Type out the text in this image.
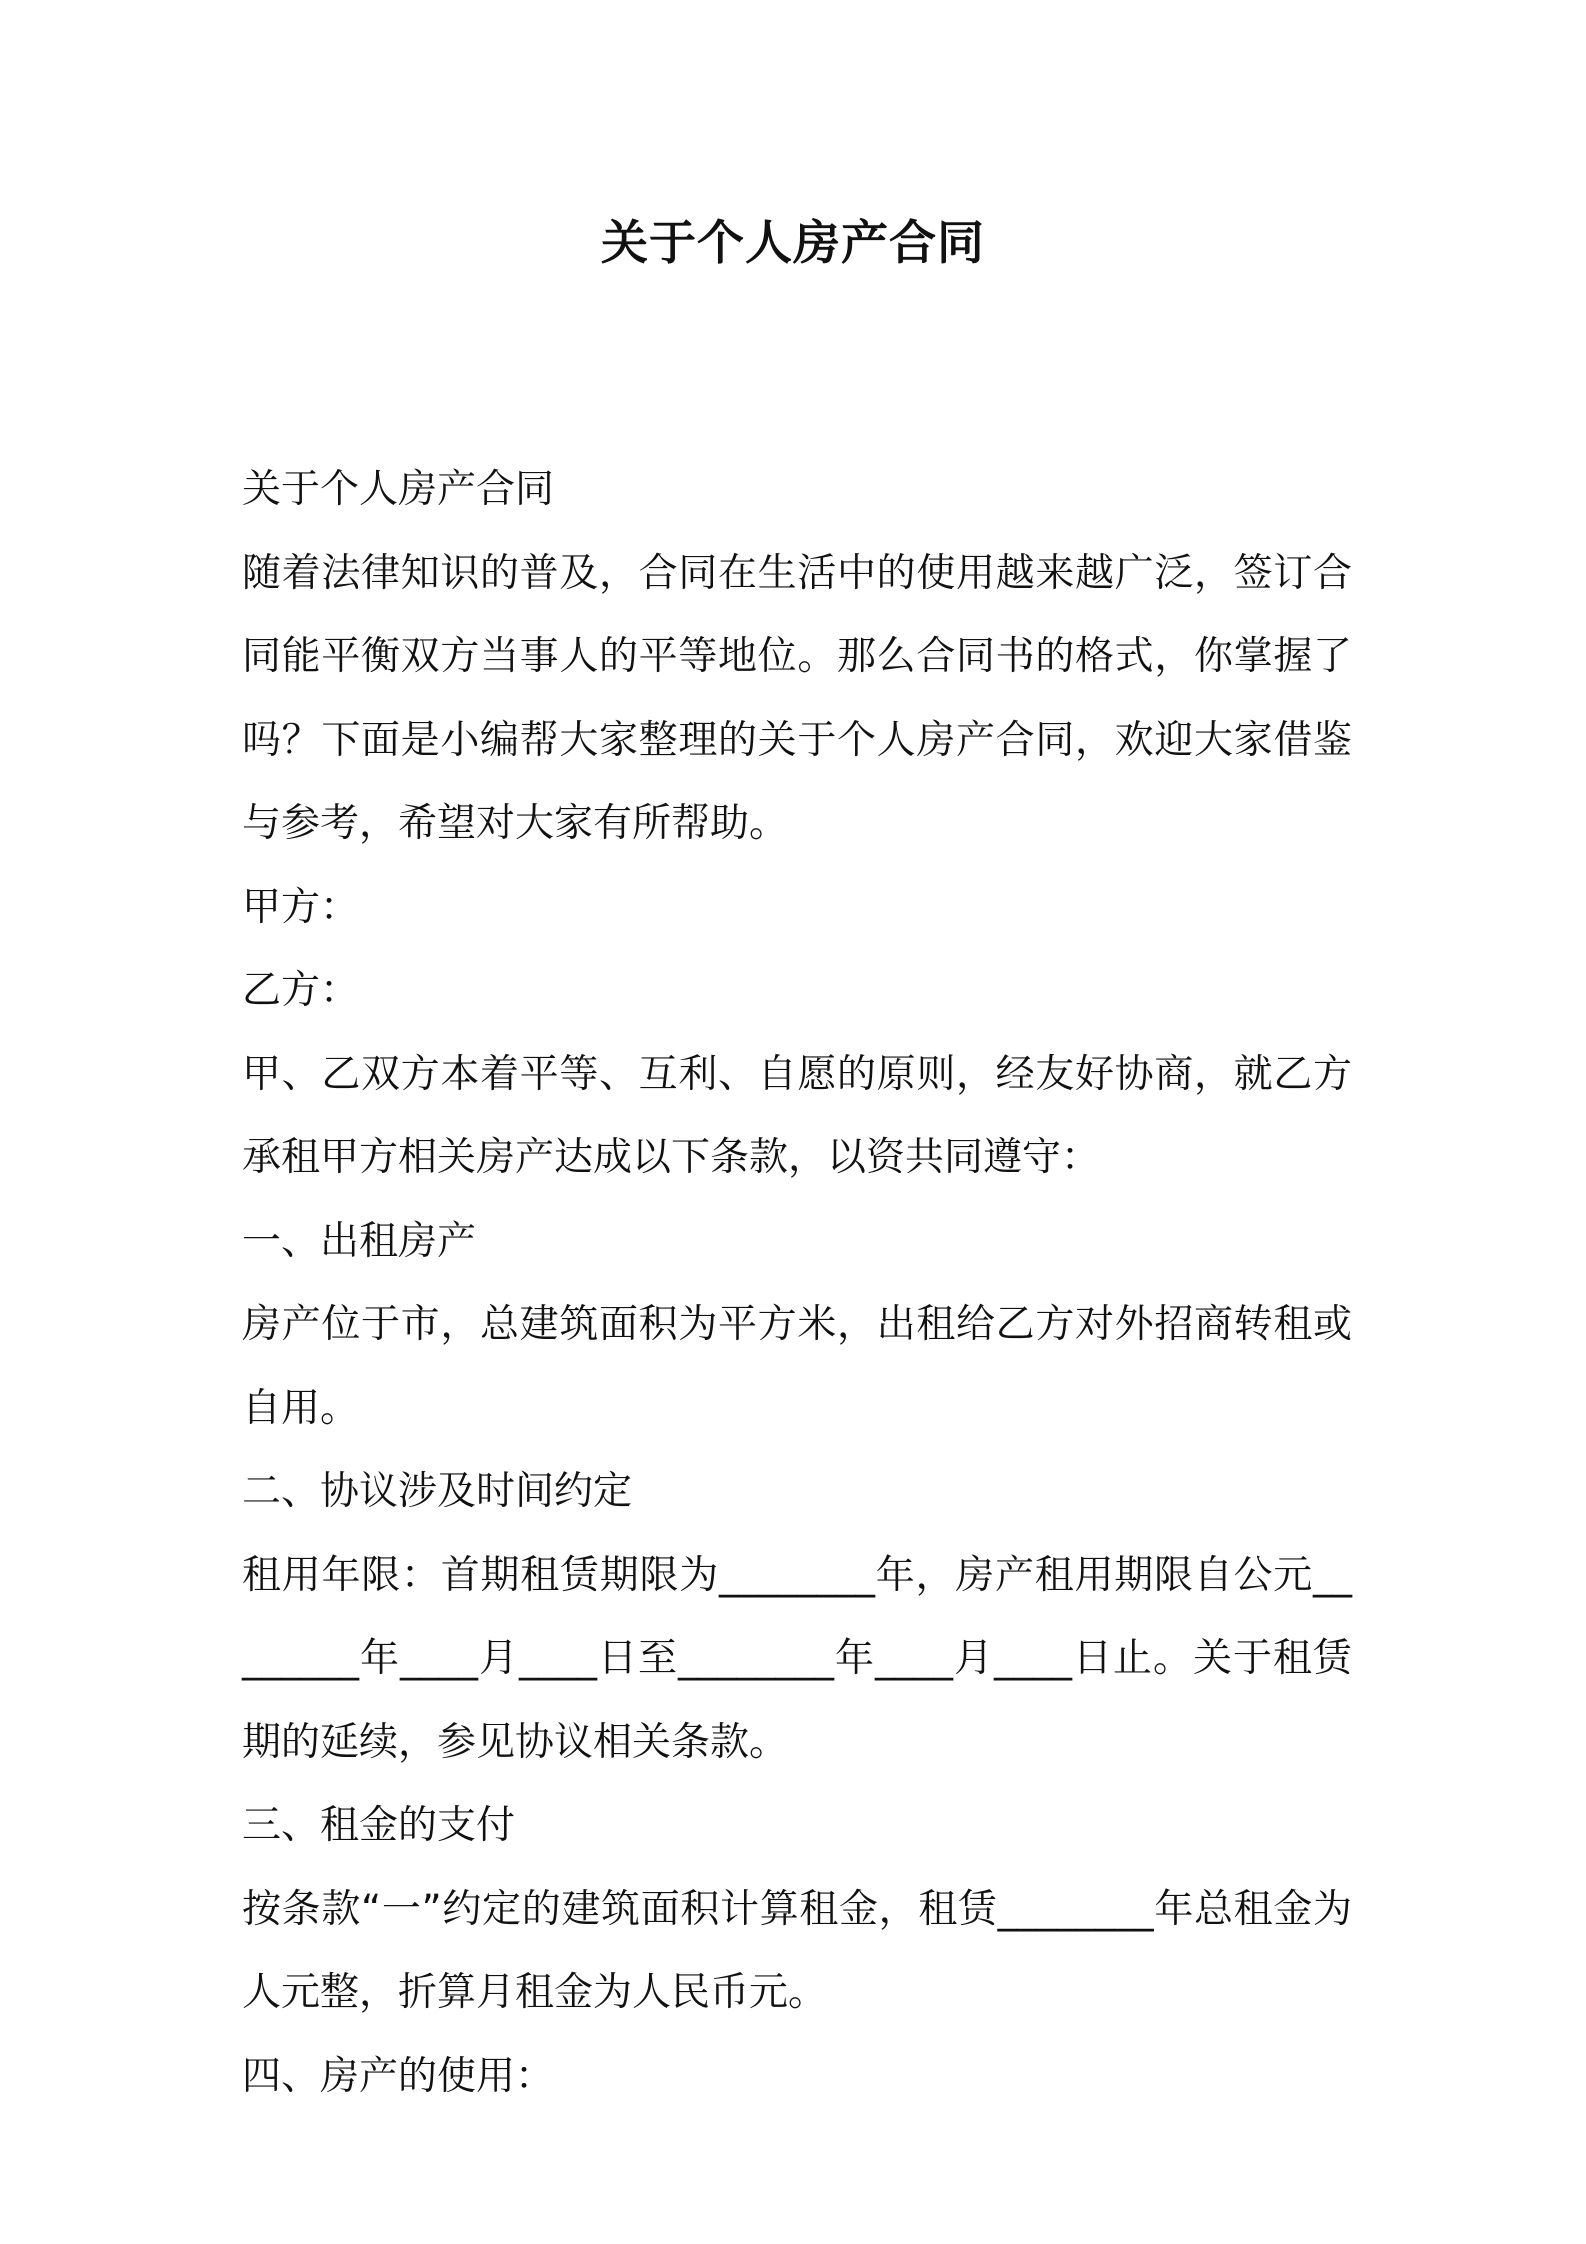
关于个人房产合同

关于个人房产合同

随着法律知识的普及，合同在生活中的使用越来越广泛，签订合同能平衡双方当事人的平等地位。那么合同书的格式，你掌握了吗？下面是小编帮大家整理的关于个人房产合同，欢迎大家借鉴与参考，希望对大家有所帮助。

甲方：

乙方：

甲、乙双方本着平等、互利、自愿的原则，经友好协商，就乙方承租甲方相关房产达成以下条款，以资共同遵守：

一、出租房产

房产位于市，总建筑面积为平方米，出租给乙方对外招商转租或自用。

二、协议涉及时间约定

租用年限：首期租赁期限为________年，房产租用期限自公元________年____月____日至________年____月____日止。关于租赁期的延续，参见协议相关条款。

三、租金的支付

按条款“一”约定的建筑面积计算租金，租赁________年总租金为人元整，折算月租金为人民币元。

四、房产的使用：
